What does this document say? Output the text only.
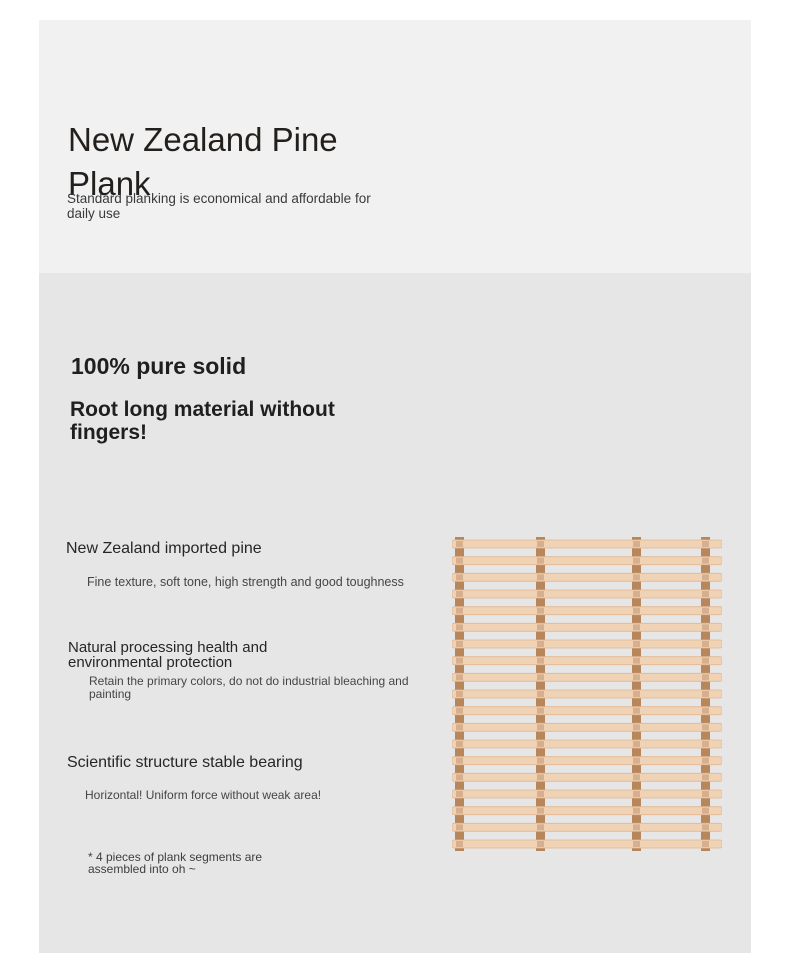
New Zealand Pine Plank

Standard planking is economical and affordable for daily use

100% pure solid
Root long material without fingers!
New Zealand imported pine
Fine texture, soft tone, high strength and good toughness
Natural processing health and environmental protection
Retain the primary colors, do not do industrial bleaching and painting
Scientific structure stable bearing
Horizontal! Uniform force without weak area!
* 4 pieces of plank segments are assembled into oh ~
